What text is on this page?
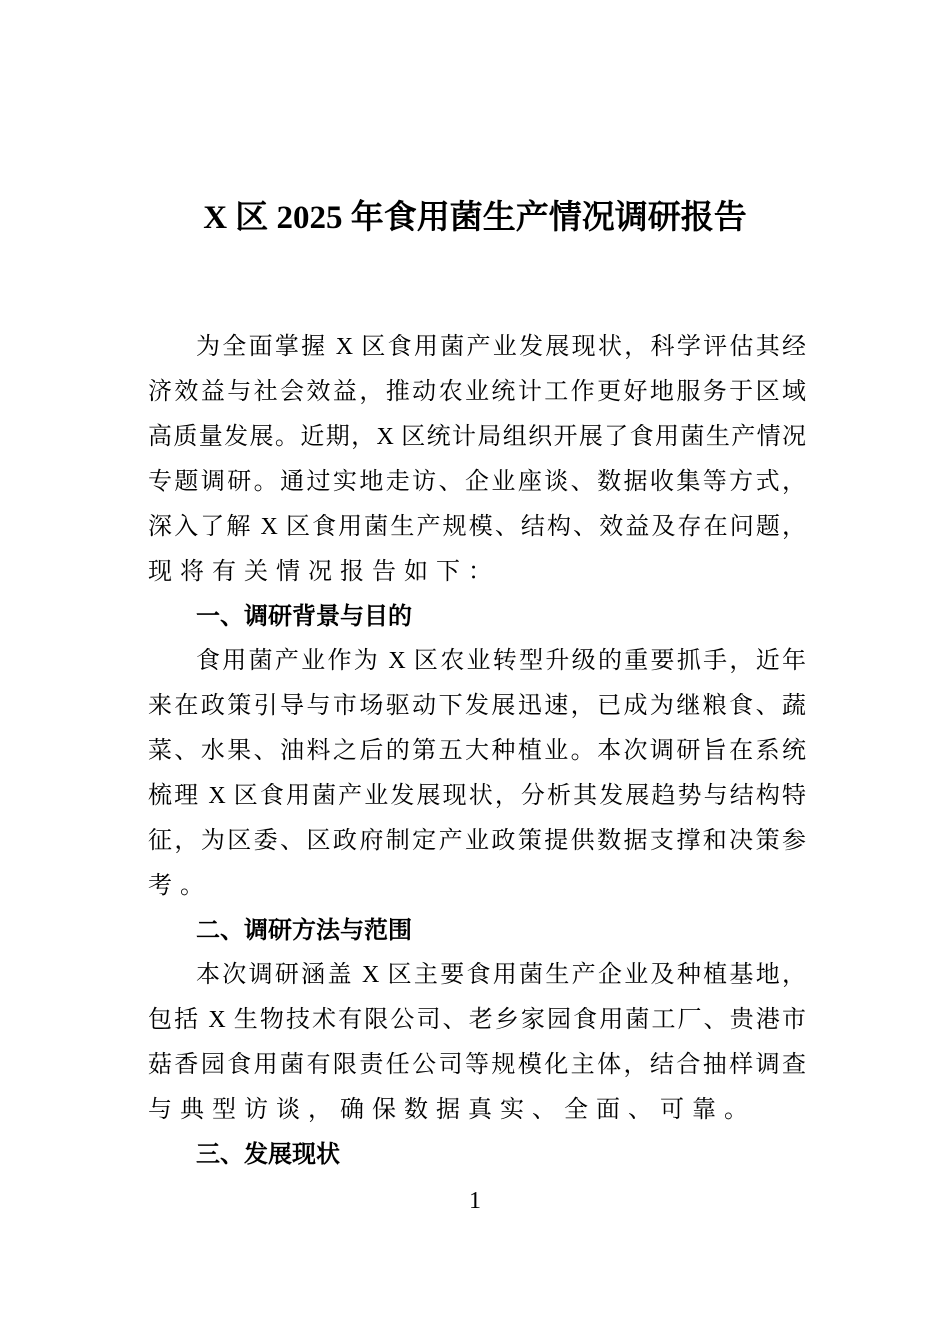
X 区 2025 年食用菌生产情况调研报告
为全面掌握 X 区食用菌产业发展现状，科学评估其经
济效益与社会效益，推动农业统计工作更好地服务于区域
高质量发展。近期，X 区统计局组织开展了食用菌生产情况
专题调研。通过实地走访、企业座谈、数据收集等方式，
深入了解 X 区食用菌生产规模、结构、效益及存在问题，
现将有关情况报告如下：
一、调研背景与目的
食用菌产业作为 X 区农业转型升级的重要抓手，近年
来在政策引导与市场驱动下发展迅速，已成为继粮食、蔬
菜、水果、油料之后的第五大种植业。本次调研旨在系统
梳理 X 区食用菌产业发展现状，分析其发展趋势与结构特
征，为区委、区政府制定产业政策提供数据支撑和决策参
考。
二、调研方法与范围
本次调研涵盖 X 区主要食用菌生产企业及种植基地，
包括 X 生物技术有限公司、老乡家园食用菌工厂、贵港市
菇香园食用菌有限责任公司等规模化主体，结合抽样调查
与典型访谈，确保数据真实、全面、可靠。
三、发展现状
1
